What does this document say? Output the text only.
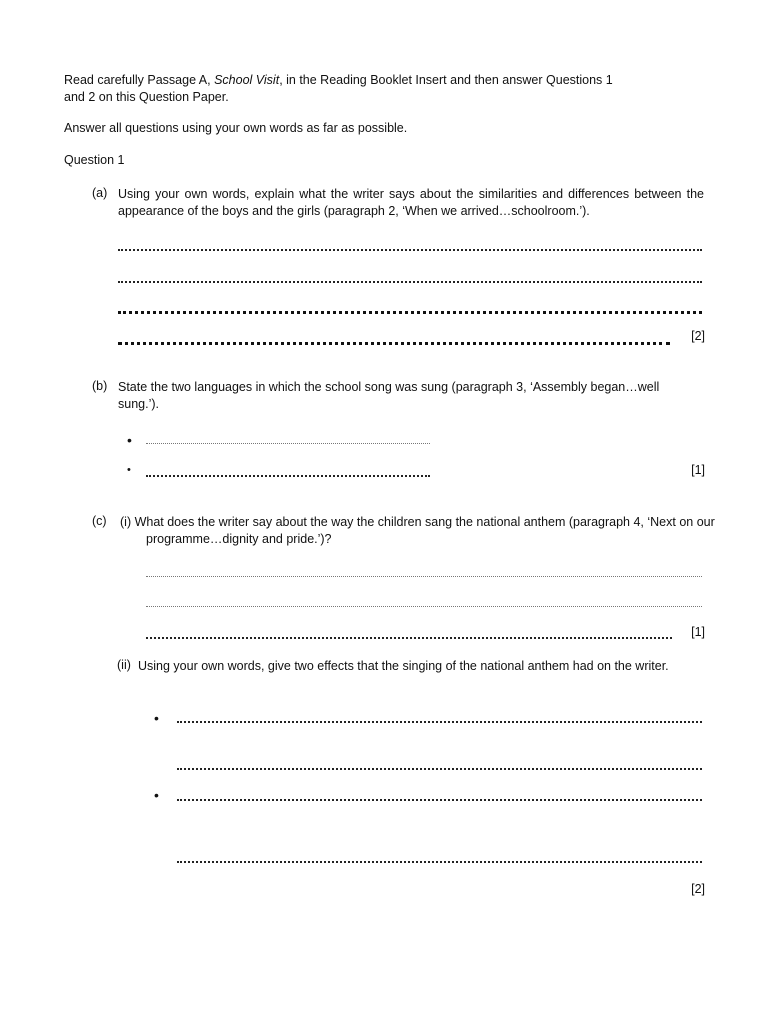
Read carefully Passage A, School Visit, in the Reading Booklet Insert and then answer Questions 1
and 2 on this Question Paper.
Answer all questions using your own words as far as possible.
Question 1
(a) Using your own words, explain what the writer says about the similarities and differences between the appearance of the boys and the girls (paragraph 2, ‘When we arrived…schoolroom.’).
[2]
(b) State the two languages in which the school song was sung (paragraph 3, ‘Assembly began…well sung.’).
•
•	[1]
(c) (i) What does the writer say about the way the children sang the national anthem (paragraph 4, ‘Next on our programme…dignity and pride.’)?
[1]
(ii) Using your own words, give two effects that the singing of the national anthem had on the writer.
•
•
[2]
